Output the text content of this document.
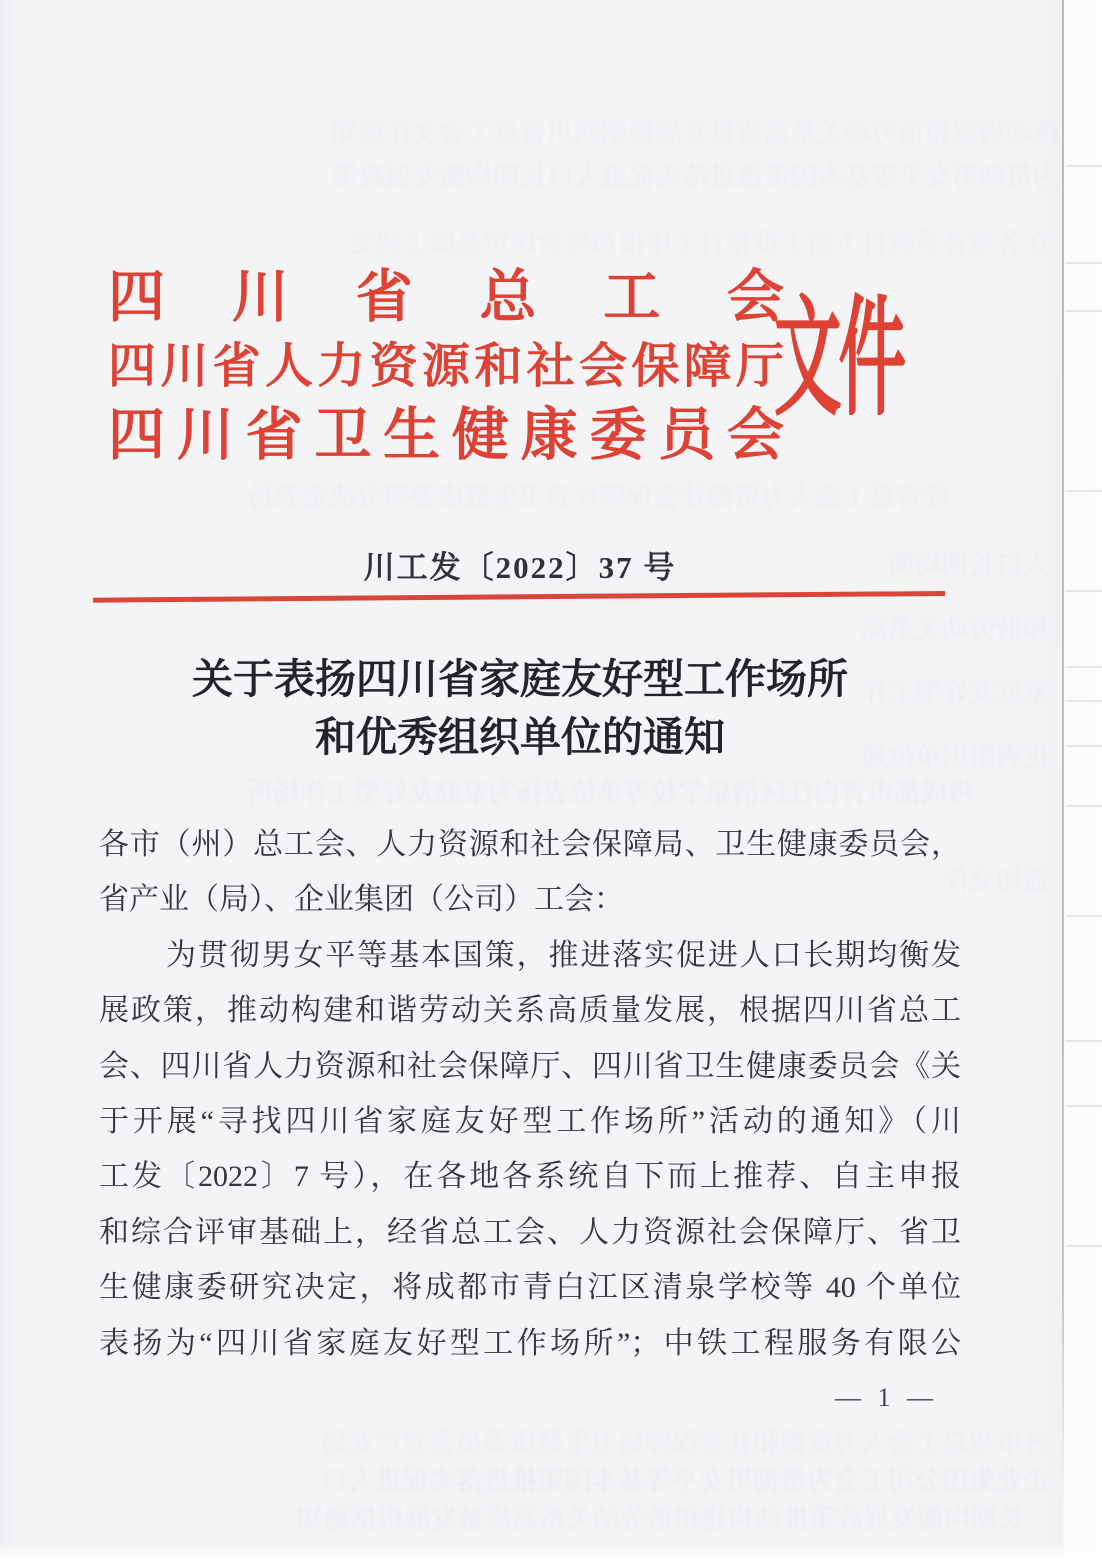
推动构建和谐劳动关系高质量发展根据四川省总工会文件通知
为贯彻男女平等基本国策推进落实促进人口长期均衡发展政策
在各地各系统自下而上推荐自主申报和综合评审基础上决定
经省总工会人力资源社会保障厅省卫生健康委研究决定表扬
人口长期均衡
和谐劳动关系高
家庭友好型工作
优秀组织单位通
将成都市青白江区清泉学校等单位表扬为家庭友好型工作场所
通知文件
各市州总工会人力资源和社会保障局卫生健康委员会省产业局
企业集团公司工会为贯彻男女平等基本国策推进落实促进人口
长期均衡发展政策推动构建和谐劳动关系高质量发展根据通知
四川省总工会
四川省人力资源和社会保障厅
四川省卫生健康委员会
文件
川工发〔2022〕37 号
关于表扬四川省家庭友好型工作场所
和优秀组织单位的通知
各市（州）总工会、人力资源和社会保障局、卫生健康委员会，
省产业（局）、企业集团（公司）工会：
为贯彻男女平等基本国策，推进落实促进人口长期均衡发
展政策，推动构建和谐劳动关系高质量发展，根据四川省总工
会、四川省人力资源和社会保障厅、四川省卫生健康委员会《关
于开展“寻找四川省家庭友好型工作场所”活动的通知》（川
工发〔2022〕7 号），在各地各系统自下而上推荐、自主申报
和综合评审基础上，经省总工会、人力资源社会保障厅、省卫
生健康委研究决定，将成都市青白江区清泉学校等 40 个单位
表扬为“四川省家庭友好型工作场所”；中铁工程服务有限公
— 1 —
